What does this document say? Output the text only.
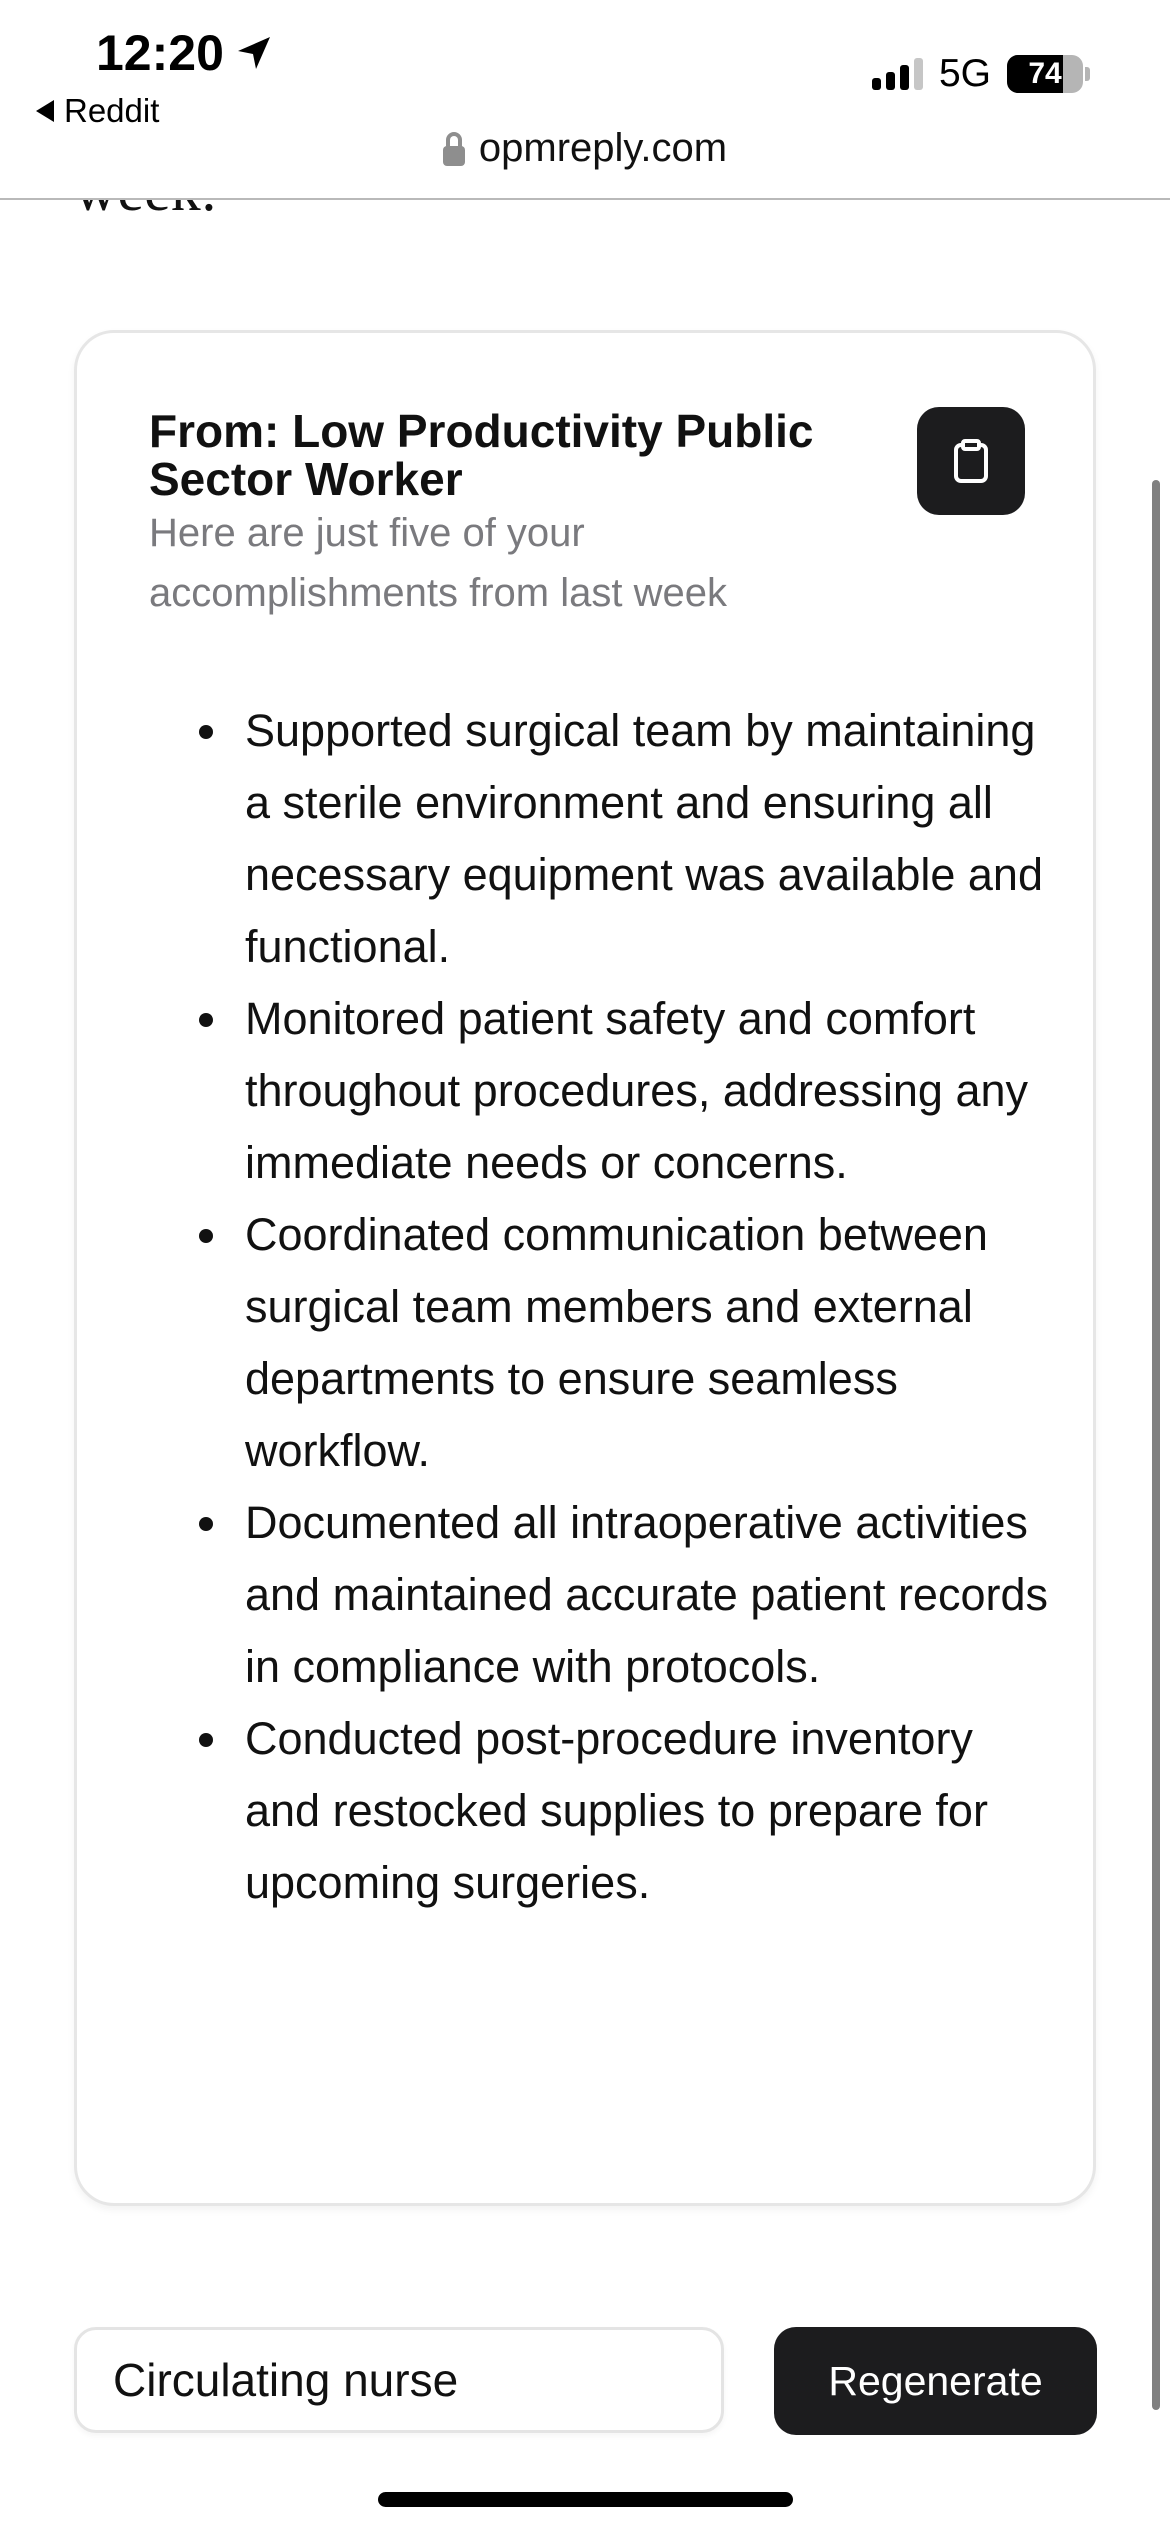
From: Low Productivity Public Sector Worker
Here are just five of your accomplishments from last week
Supported surgical team by maintaining a sterile environment and ensuring all necessary equipment was available and functional.
Monitored patient safety and comfort throughout procedures, addressing any immediate needs or concerns.
Coordinated communication between surgical team members and external departments to ensure seamless workflow.
Documented all intraoperative activities and maintained accurate patient records in compliance with protocols.
Conducted post-procedure inventory and restocked supplies to prepare for upcoming surgeries.
Circulating nurse
Regenerate
12:20
Reddit
5G	74
opmreply.com
